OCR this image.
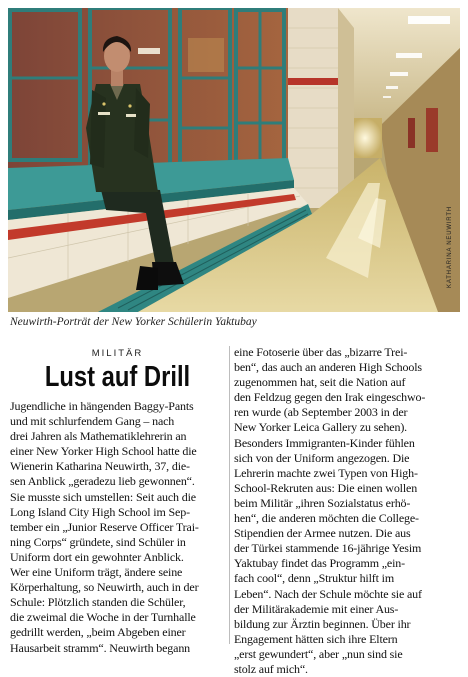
KATHARINA NEUWIRTH
Neuwirth-Porträt der New Yorker Schülerin Yaktubay
MILITÄR
Lust auf Drill
Jugendliche in hängenden Baggy-Pants
und mit schlurfendem Gang – nach
drei Jahren als Mathematiklehrerin an
einer New Yorker High School hatte die
Wienerin Katharina Neuwirth, 37, die-
sen Anblick „geradezu lieb gewonnen“.
Sie musste sich umstellen: Seit auch die
Long Island City High School im Sep-
tember ein „Junior Reserve Officer Trai-
ning Corps“ gründete, sind Schüler in
Uniform dort ein gewohnter Anblick.
Wer eine Uniform trägt, ändere seine
Körperhaltung, so Neuwirth, auch in der
Schule: Plötzlich standen die Schüler,
die zweimal die Woche in der Turnhalle
gedrillt werden, „beim Abgeben einer
Hausarbeit stramm“. Neuwirth begann
eine Fotoserie über das „bizarre Trei-
ben“, das auch an anderen High Schools
zugenommen hat, seit die Nation auf
den Feldzug gegen den Irak eingeschwo-
ren wurde (ab September 2003 in der
New Yorker Leica Gallery zu sehen).
Besonders Immigranten-Kinder fühlen
sich von der Uniform angezogen. Die
Lehrerin machte zwei Typen von High-
School-Rekruten aus: Die einen wollen
beim Militär „ihren Sozialstatus erhö-
hen“, die anderen möchten die College-
Stipendien der Armee nutzen. Die aus
der Türkei stammende 16-jährige Yesim
Yaktubay findet das Programm „ein-
fach cool“, denn „Struktur hilft im
Leben“. Nach der Schule möchte sie auf
der Militärakademie mit einer Aus-
bildung zur Ärztin beginnen. Über ihr
Engagement hätten sich ihre Eltern
„erst gewundert“, aber „nun sind sie
stolz auf mich“.
